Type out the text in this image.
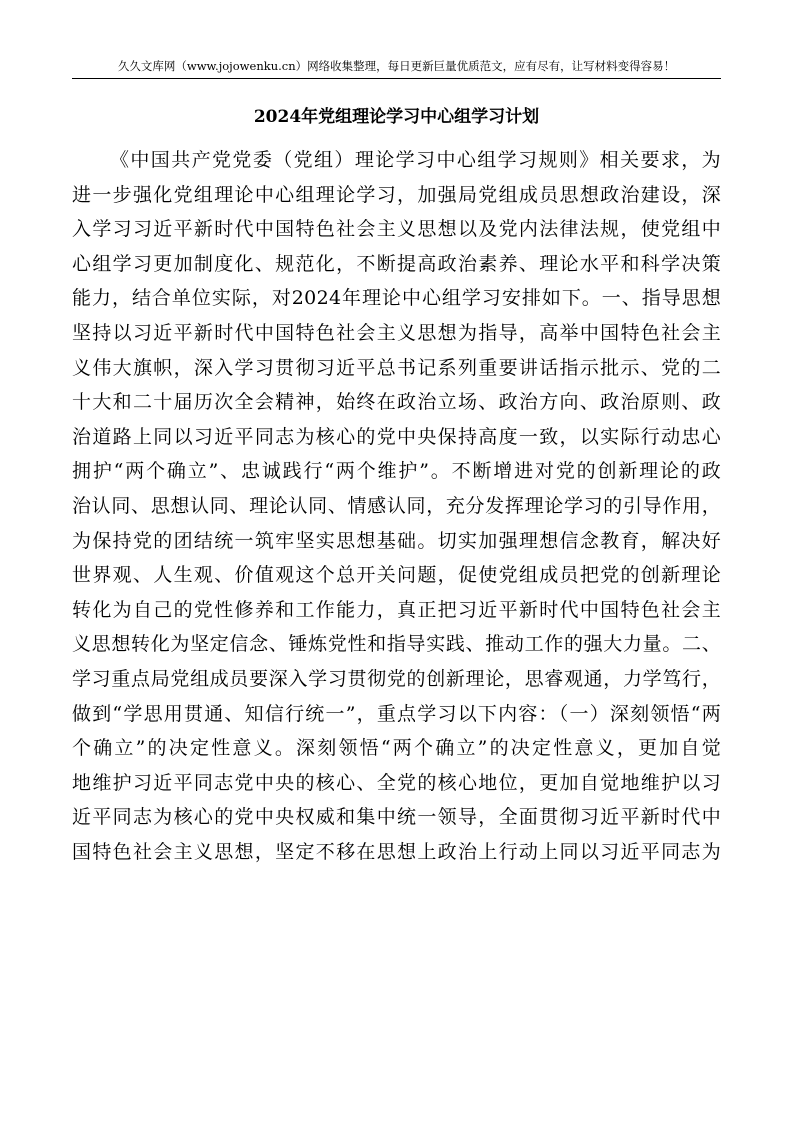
久久文库网（www.jojowenku.cn）网络收集整理，每日更新巨量优质范文，应有尽有，让写材料变得容易！
2024年党组理论学习中心组学习计划
《中国共产党党委（党组）理论学习中心组学习规则》相关要求，为
进一步强化党组理论中心组理论学习，加强局党组成员思想政治建设，深
入学习习近平新时代中国特色社会主义思想以及党内法律法规，使党组中
心组学习更加制度化、规范化，不断提高政治素养、理论水平和科学决策
能力，结合单位实际，对2024年理论中心组学习安排如下。一、指导思想
坚持以习近平新时代中国特色社会主义思想为指导，高举中国特色社会主
义伟大旗帜，深入学习贯彻习近平总书记系列重要讲话指示批示、党的二
十大和二十届历次全会精神，始终在政治立场、政治方向、政治原则、政
治道路上同以习近平同志为核心的党中央保持高度一致，以实际行动忠心
拥护“两个确立”、忠诚践行“两个维护”。不断增进对党的创新理论的政
治认同、思想认同、理论认同、情感认同，充分发挥理论学习的引导作用，
为保持党的团结统一筑牢坚实思想基础。切实加强理想信念教育，解决好
世界观、人生观、价值观这个总开关问题，促使党组成员把党的创新理论
转化为自己的党性修养和工作能力，真正把习近平新时代中国特色社会主
义思想转化为坚定信念、锤炼党性和指导实践、推动工作的强大力量。二、
学习重点局党组成员要深入学习贯彻党的创新理论，思睿观通，力学笃行，
做到“学思用贯通、知信行统一”，重点学习以下内容：（一）深刻领悟“两
个确立”的决定性意义。深刻领悟“两个确立”的决定性意义，更加自觉
地维护习近平同志党中央的核心、全党的核心地位，更加自觉地维护以习
近平同志为核心的党中央权威和集中统一领导，全面贯彻习近平新时代中
国特色社会主义思想，坚定不移在思想上政治上行动上同以习近平同志为
